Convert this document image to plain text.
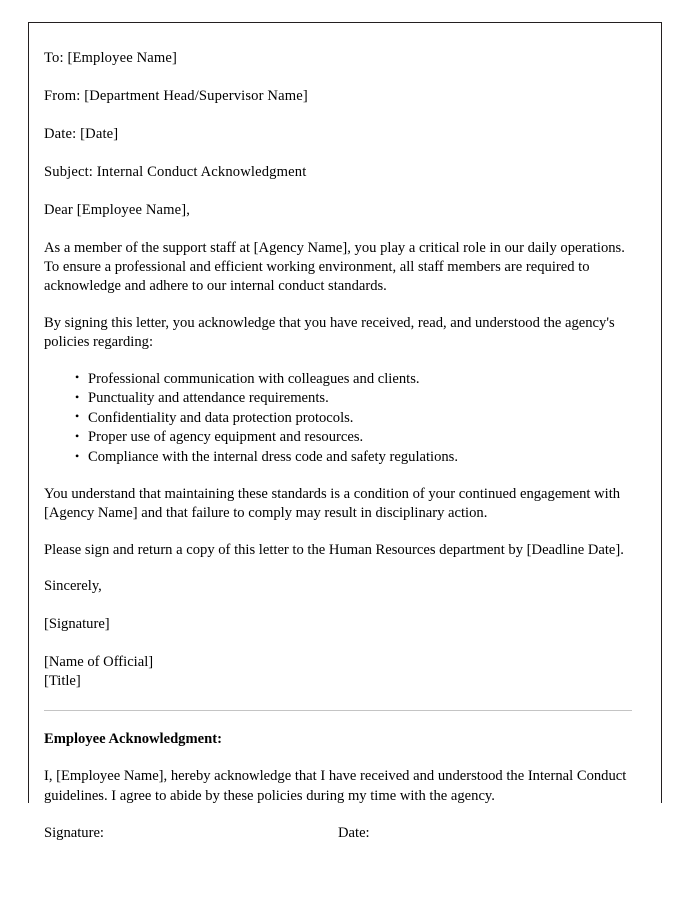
To: [Employee Name]

From: [Department Head/Supervisor Name]

Date: [Date]

Subject: Internal Conduct Acknowledgment

Dear [Employee Name],

As a member of the support staff at [Agency Name], you play a critical role in our daily operations. To ensure a professional and efficient working environment, all staff members are required to acknowledge and adhere to our internal conduct standards.

By signing this letter, you acknowledge that you have received, read, and understood the agency's policies regarding:

• Professional communication with colleagues and clients.
• Punctuality and attendance requirements.
• Confidentiality and data protection protocols.
• Proper use of agency equipment and resources.
• Compliance with the internal dress code and safety regulations.

You understand that maintaining these standards is a condition of your continued engagement with [Agency Name] and that failure to comply may result in disciplinary action.

Please sign and return a copy of this letter to the Human Resources department by [Deadline Date].

Sincerely,

[Signature]

[Name of Official]
[Title]

Employee Acknowledgment:

I, [Employee Name], hereby acknowledge that I have received and understood the Internal Conduct guidelines. I agree to abide by these policies during my time with the agency.

Signature:	Date:
